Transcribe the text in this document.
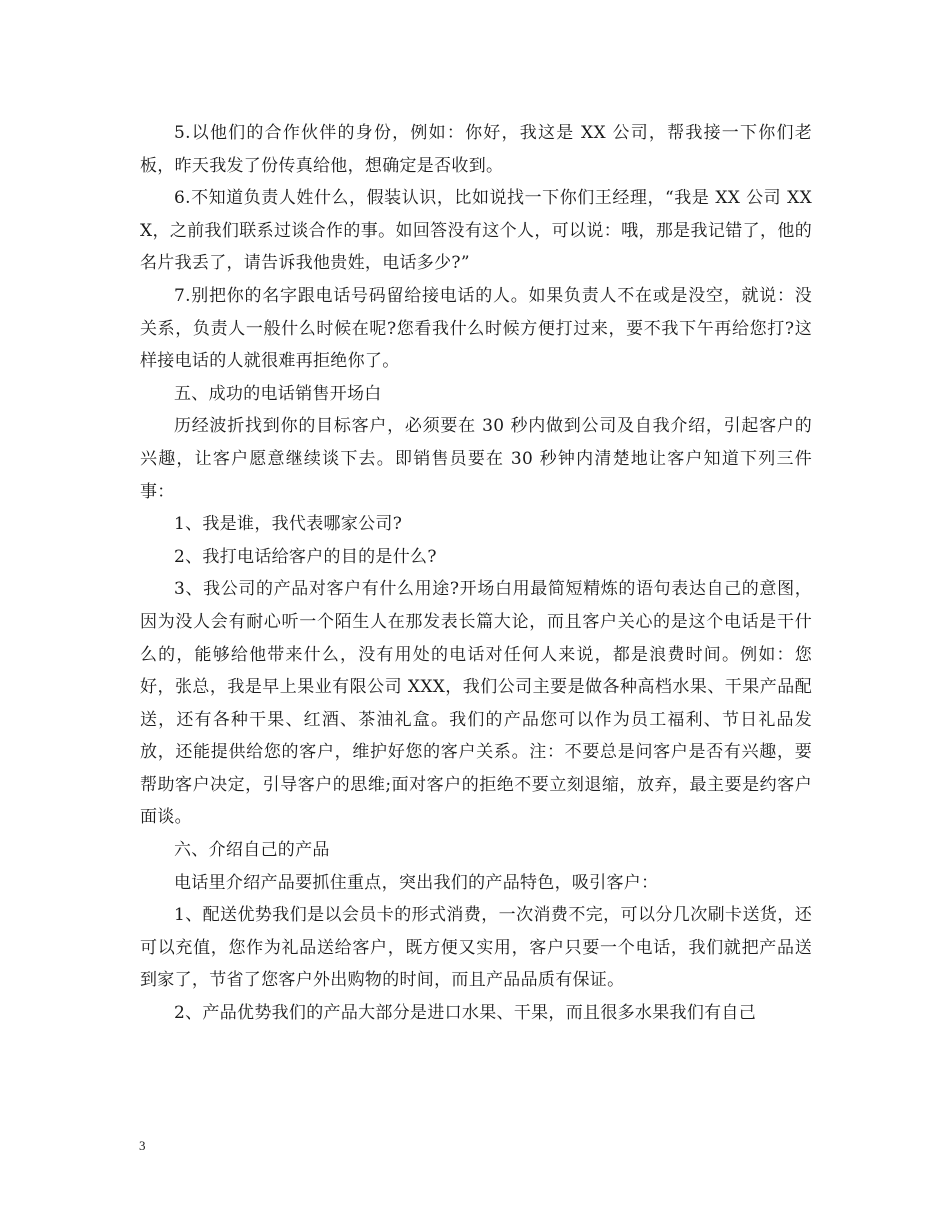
5.以他们的合作伙伴的身份，例如：你好，我这是 XX 公司，帮我接一下你们老板，昨天我发了份传真给他，想确定是否收到。

6.不知道负责人姓什么，假装认识，比如说找一下你们王经理，“我是 XX 公司 XXX，之前我们联系过谈合作的事。如回答没有这个人，可以说：哦，那是我记错了，他的名片我丢了，请告诉我他贵姓，电话多少?”

7.别把你的名字跟电话号码留给接电话的人。如果负责人不在或是没空，就说：没关系，负责人一般什么时候在呢?您看我什么时候方便打过来，要不我下午再给您打?这样接电话的人就很难再拒绝你了。

五、成功的电话销售开场白

历经波折找到你的目标客户，必须要在 30 秒内做到公司及自我介绍，引起客户的兴趣，让客户愿意继续谈下去。即销售员要在 30 秒钟内清楚地让客户知道下列三件事：

1、我是谁，我代表哪家公司?

2、我打电话给客户的目的是什么?

3、我公司的产品对客户有什么用途?开场白用最简短精炼的语句表达自己的意图，因为没人会有耐心听一个陌生人在那发表长篇大论，而且客户关心的是这个电话是干什么的，能够给他带来什么，没有用处的电话对任何人来说，都是浪费时间。例如：您好，张总，我是早上果业有限公司 XXX，我们公司主要是做各种高档水果、干果产品配送，还有各种干果、红酒、茶油礼盒。我们的产品您可以作为员工福利、节日礼品发放，还能提供给您的客户，维护好您的客户关系。注：不要总是问客户是否有兴趣，要帮助客户决定，引导客户的思维;面对客户的拒绝不要立刻退缩，放弃，最主要是约客户面谈。

六、介绍自己的产品

电话里介绍产品要抓住重点，突出我们的产品特色，吸引客户：

1、配送优势我们是以会员卡的形式消费，一次消费不完，可以分几次刷卡送货，还可以充值，您作为礼品送给客户，既方便又实用，客户只要一个电话，我们就把产品送到家了，节省了您客户外出购物的时间，而且产品品质有保证。

2、产品优势我们的产品大部分是进口水果、干果，而且很多水果我们有自己

3
